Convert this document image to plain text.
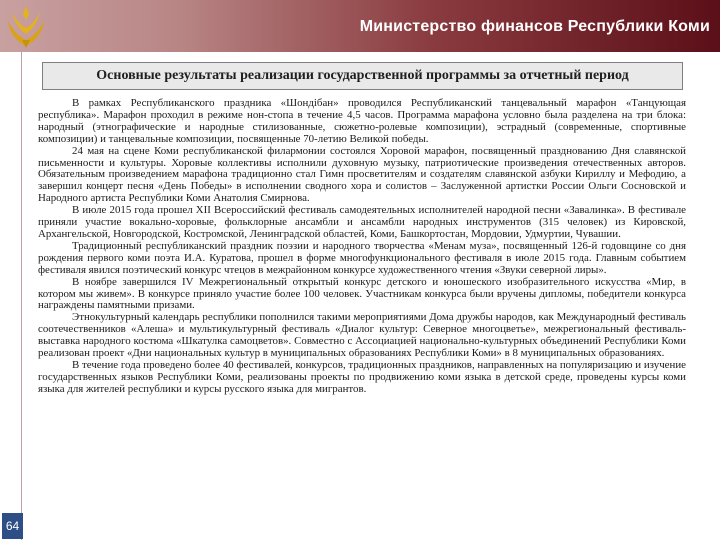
Министерство финансов Республики Коми
64
Основные результаты реализации государственной программы за отчетный период

В рамках Республиканского праздника «Шондiбан» проводился Республиканский танцевальный марафон «Танцующая республика». Марафон проходил в режиме нон-стопа в течение 4,5 часов. Программа марафона условно была разделена на три блока: народный (этнографические и народные стилизованные, сюжетно-ролевые композиции), эстрадный (современные, спортивные композиции) и танцевальные композиции, посвященные 70-летию Великой победы.

24 мая на сцене Коми республиканской филармонии состоялся Хоровой марафон, посвященный празднованию Дня славянской письменности и культуры. Хоровые коллективы исполнили духовную музыку, патриотические произведения отечественных авторов. Обязательным произведением марафона традиционно стал Гимн просветителям и создателям славянской азбуки Кириллу и Мефодию, а завершил концерт песня «День Победы» в исполнении сводного хора и солистов – Заслуженной артистки России Ольги Сосновской и Народного артиста Республики Коми Анатолия Смирнова.

В июле 2015 года прошел XII Всероссийский фестиваль самодеятельных исполнителей народной песни «Завалинка». В фестивале приняли участие вокально-хоровые, фольклорные ансамбли и ансамбли народных инструментов (315 человек) из Кировской, Архангельской, Новгородской, Костромской, Ленинградской областей, Коми, Башкортостан, Мордовии, Удмуртии, Чувашии.

Традиционный республиканский праздник поэзии и народного творчества «Менам муза», посвященный 126-й годовщине со дня рождения первого коми поэта И.А. Куратова, прошел в форме многофункционального фестиваля в июле 2015 года. Главным событием фестиваля явился поэтический конкурс чтецов в межрайонном конкурсе художественного чтения «Звуки северной лиры».

В ноябре завершился IV Межрегиональный открытый конкурс детского и юношеского изобразительного искусства «Мир, в котором мы живем». В конкурсе приняло участие более 100 человек. Участникам конкурса были вручены дипломы, победители конкурса награждены памятными призами.

Этнокультурный календарь республики пополнился такими мероприятиями Дома дружбы народов, как Международный фестиваль соотечественников «Алеша» и мультикультурный фестиваль «Диалог культур: Северное многоцветье», межрегиональный фестиваль-выставка народного костюма «Шкатулка самоцветов». Совместно с Ассоциацией национально-культурных объединений Республики Коми реализован проект «Дни национальных культур в муниципальных образованиях Республики Коми» в 8 муниципальных образованиях.

В течение года проведено более 40 фестивалей, конкурсов, традиционных праздников, направленных на популяризацию и изучение государственных языков Республики Коми, реализованы проекты по продвижению коми языка в детской среде, проведены курсы коми языка для жителей республики и курсы русского языка для мигрантов.
